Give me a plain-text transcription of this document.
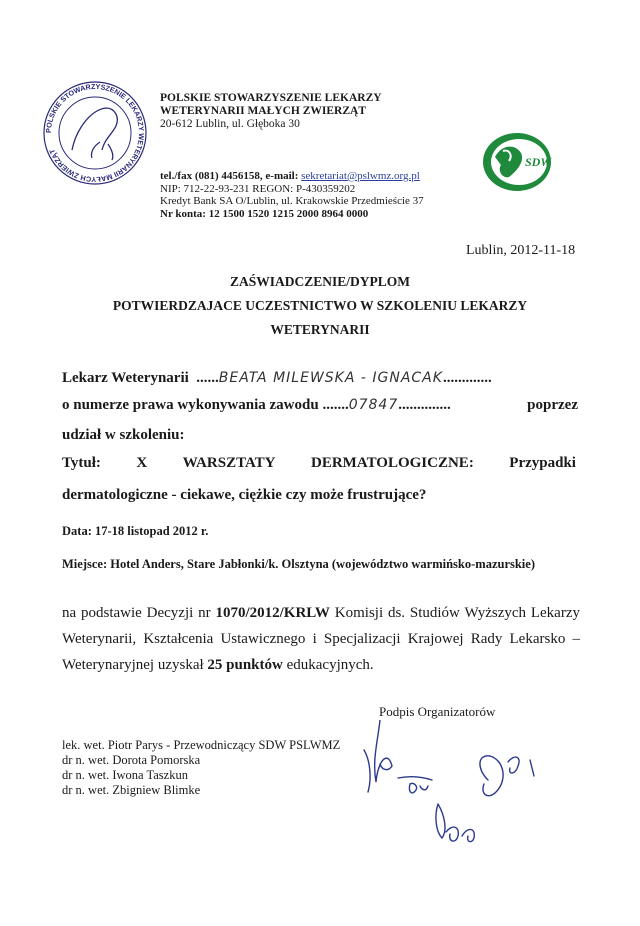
POLSKIE STOWARZYSZENIE LEKARZY WETERYNARII MAŁYCH ZWIERZĄT
POLSKIE STOWARZYSZENIE LEKARZY
WETERYNARII MAŁYCH ZWIERZĄT
20-612 Lublin, ul. Głęboka 30
tel./fax (081) 4456158, e-mail: sekretariat@pslwmz.org.pl
NIP: 712-22-93-231 REGON: P-430359202
Kredyt Bank SA O/Lublin, ul. Krakowskie Przedmieście 37
Nr konta: 12 1500 1520 1215 2000 8964 0000
SDW
Lublin, 2012-11-18
ZAŚWIADCZENIE/DYPLOM
POTWIERDZAJACE UCZESTNICTWO W SZKOLENIU LEKARZY
WETERYNARII
Lekarz Weterynarii  ......BEATA MILEWSKA - IGNACAK.............
o numerze prawa wykonywania zawodu .......07847..............	poprzez
udział w szkoleniu:
Tytuł: X WARSZTATY DERMATOLOGICZNE: Przypadki
dermatologiczne - ciekawe, ciężkie czy może frustrujące?
Data: 17-18 listopad 2012 r.
Miejsce: Hotel Anders, Stare Jabłonki/k. Olsztyna (województwo warmińsko-mazurskie)
na podstawie Decyzji nr 1070/2012/KRLW Komisji ds. Studiów Wyższych Lekarzy Weterynarii, Kształcenia Ustawicznego i Specjalizacji Krajowej Rady Lekarsko – Weterynaryjnej uzyskał 25 punktów edukacyjnych.
Podpis Organizatorów
lek. wet. Piotr Parys - Przewodniczący SDW PSLWMZ
dr n. wet. Dorota Pomorska
dr n. wet. Iwona Taszkun
dr n. wet. Zbigniew Blimke
